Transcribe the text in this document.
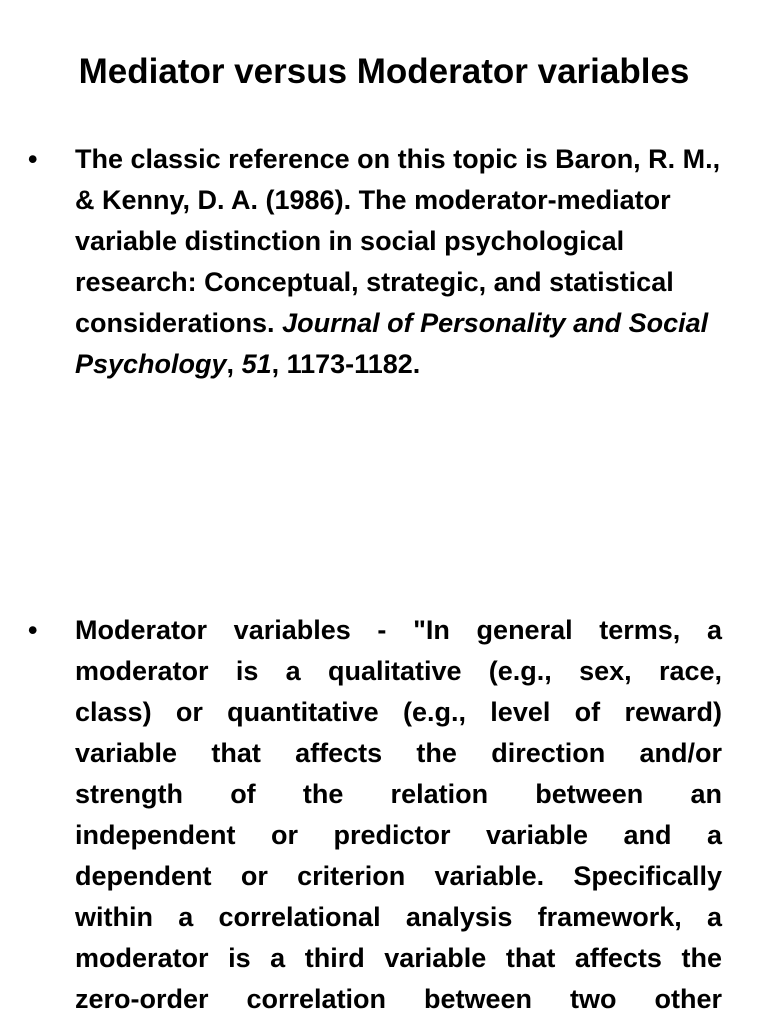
Mediator versus Moderator variables
•	The classic reference on this topic is Baron, R. M., & Kenny, D. A. (1986). The moderator-mediator variable distinction in social psychological research: Conceptual, strategic, and statistical considerations. Journal of Personality and Social Psychology, 51, 1173-1182.
•	Moderator variables - "In general terms, a
moderator is a qualitative (e.g., sex, race,
class) or quantitative (e.g., level of reward)
variable that affects the direction and/or
strength of the relation between an
independent or predictor variable and a
dependent or criterion variable. Specifically
within a correlational analysis framework, a
moderator is a third variable that affects the
zero-order correlation between two other
